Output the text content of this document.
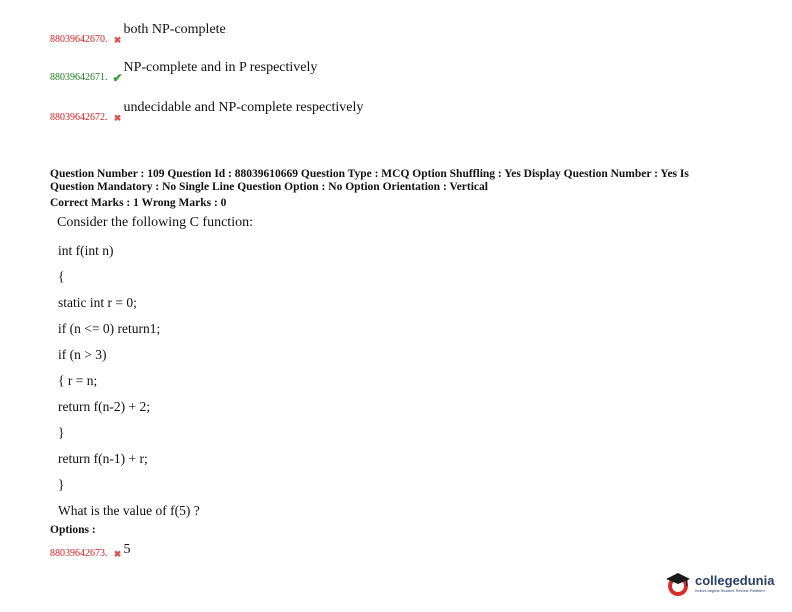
88039642670. ✖
both NP-complete
88039642671. ✔
NP-complete and in P respectively
88039642672. ✖
undecidable and NP-complete respectively
Question Number : 109 Question Id : 88039610669 Question Type : MCQ Option Shuffling : Yes Display Question Number : Yes Is
Question Mandatory : No Single Line Question Option : No Option Orientation : Vertical
Correct Marks : 1 Wrong Marks : 0
Consider the following C function:
int f(int n)
{
static int r = 0;
if (n <= 0) return1;
if (n > 3)
{ r = n;
return f(n-2) + 2;
}
return f(n-1) + r;
}
What is the value of f(5) ?
Options :
88039642673. ✖ 5
collegedunia
India's largest Student Review Platform
